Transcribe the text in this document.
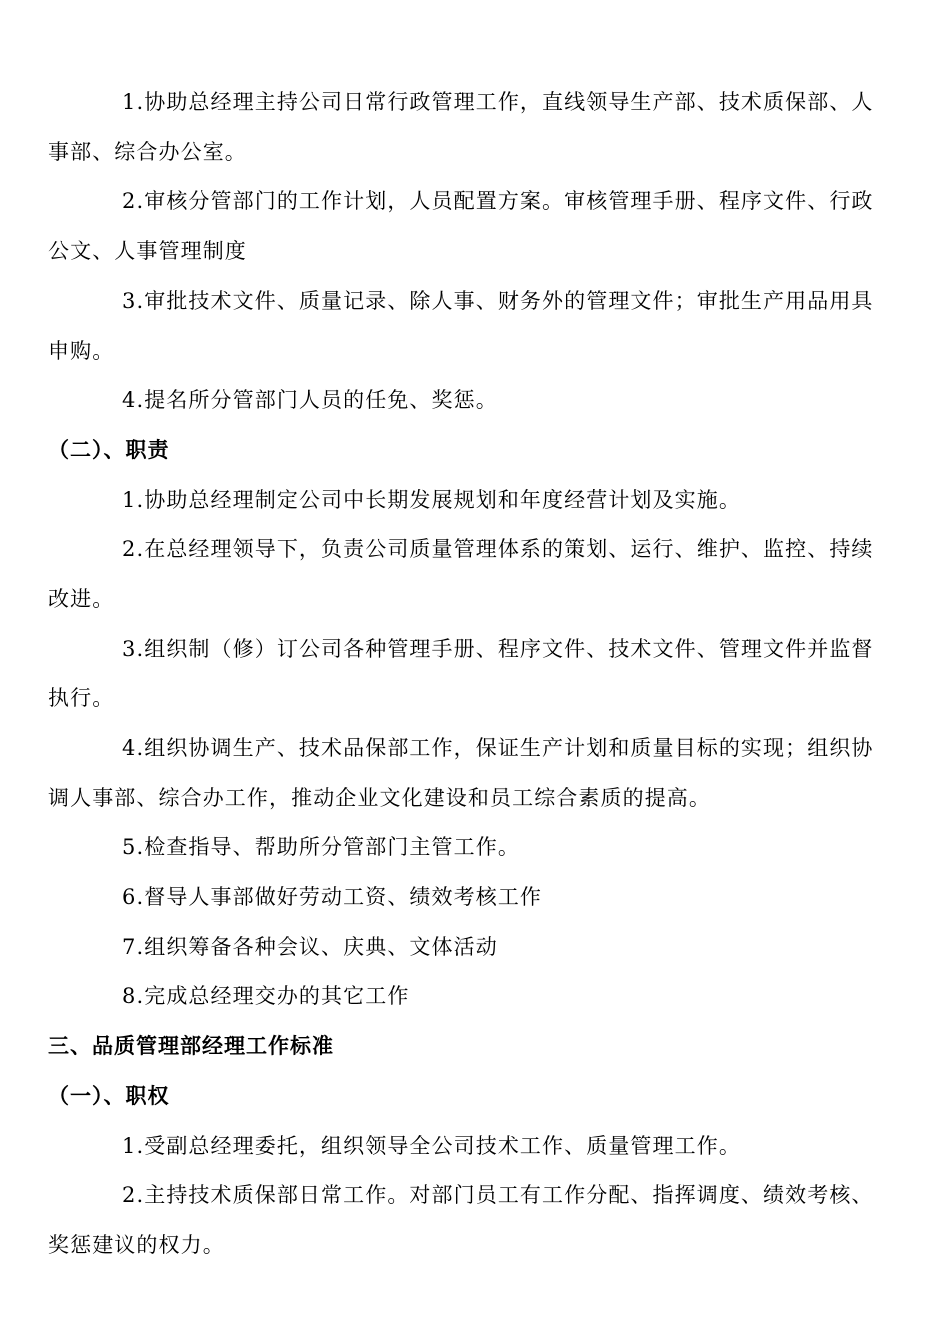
1.协助总经理主持公司日常行政管理工作，直线领导生产部、技术质保部、人
事部、综合办公室。
2.审核分管部门的工作计划，人员配置方案。审核管理手册、程序文件、行政
公文、人事管理制度
3.审批技术文件、质量记录、除人事、财务外的管理文件；审批生产用品用具
申购。
4.提名所分管部门人员的任免、奖惩。
（二）、职责
1.协助总经理制定公司中长期发展规划和年度经营计划及实施。
2.在总经理领导下，负责公司质量管理体系的策划、运行、维护、监控、持续
改进。
3.组织制（修）订公司各种管理手册、程序文件、技术文件、管理文件并监督
执行。
4.组织协调生产、技术品保部工作，保证生产计划和质量目标的实现；组织协
调人事部、综合办工作，推动企业文化建设和员工综合素质的提高。
5.检查指导、帮助所分管部门主管工作。
6.督导人事部做好劳动工资、绩效考核工作
7.组织筹备各种会议、庆典、文体活动
8.完成总经理交办的其它工作
三、品质管理部经理工作标准
（一）、职权
1.受副总经理委托，组织领导全公司技术工作、质量管理工作。
2.主持技术质保部日常工作。对部门员工有工作分配、指挥调度、绩效考核、
奖惩建议的权力。
